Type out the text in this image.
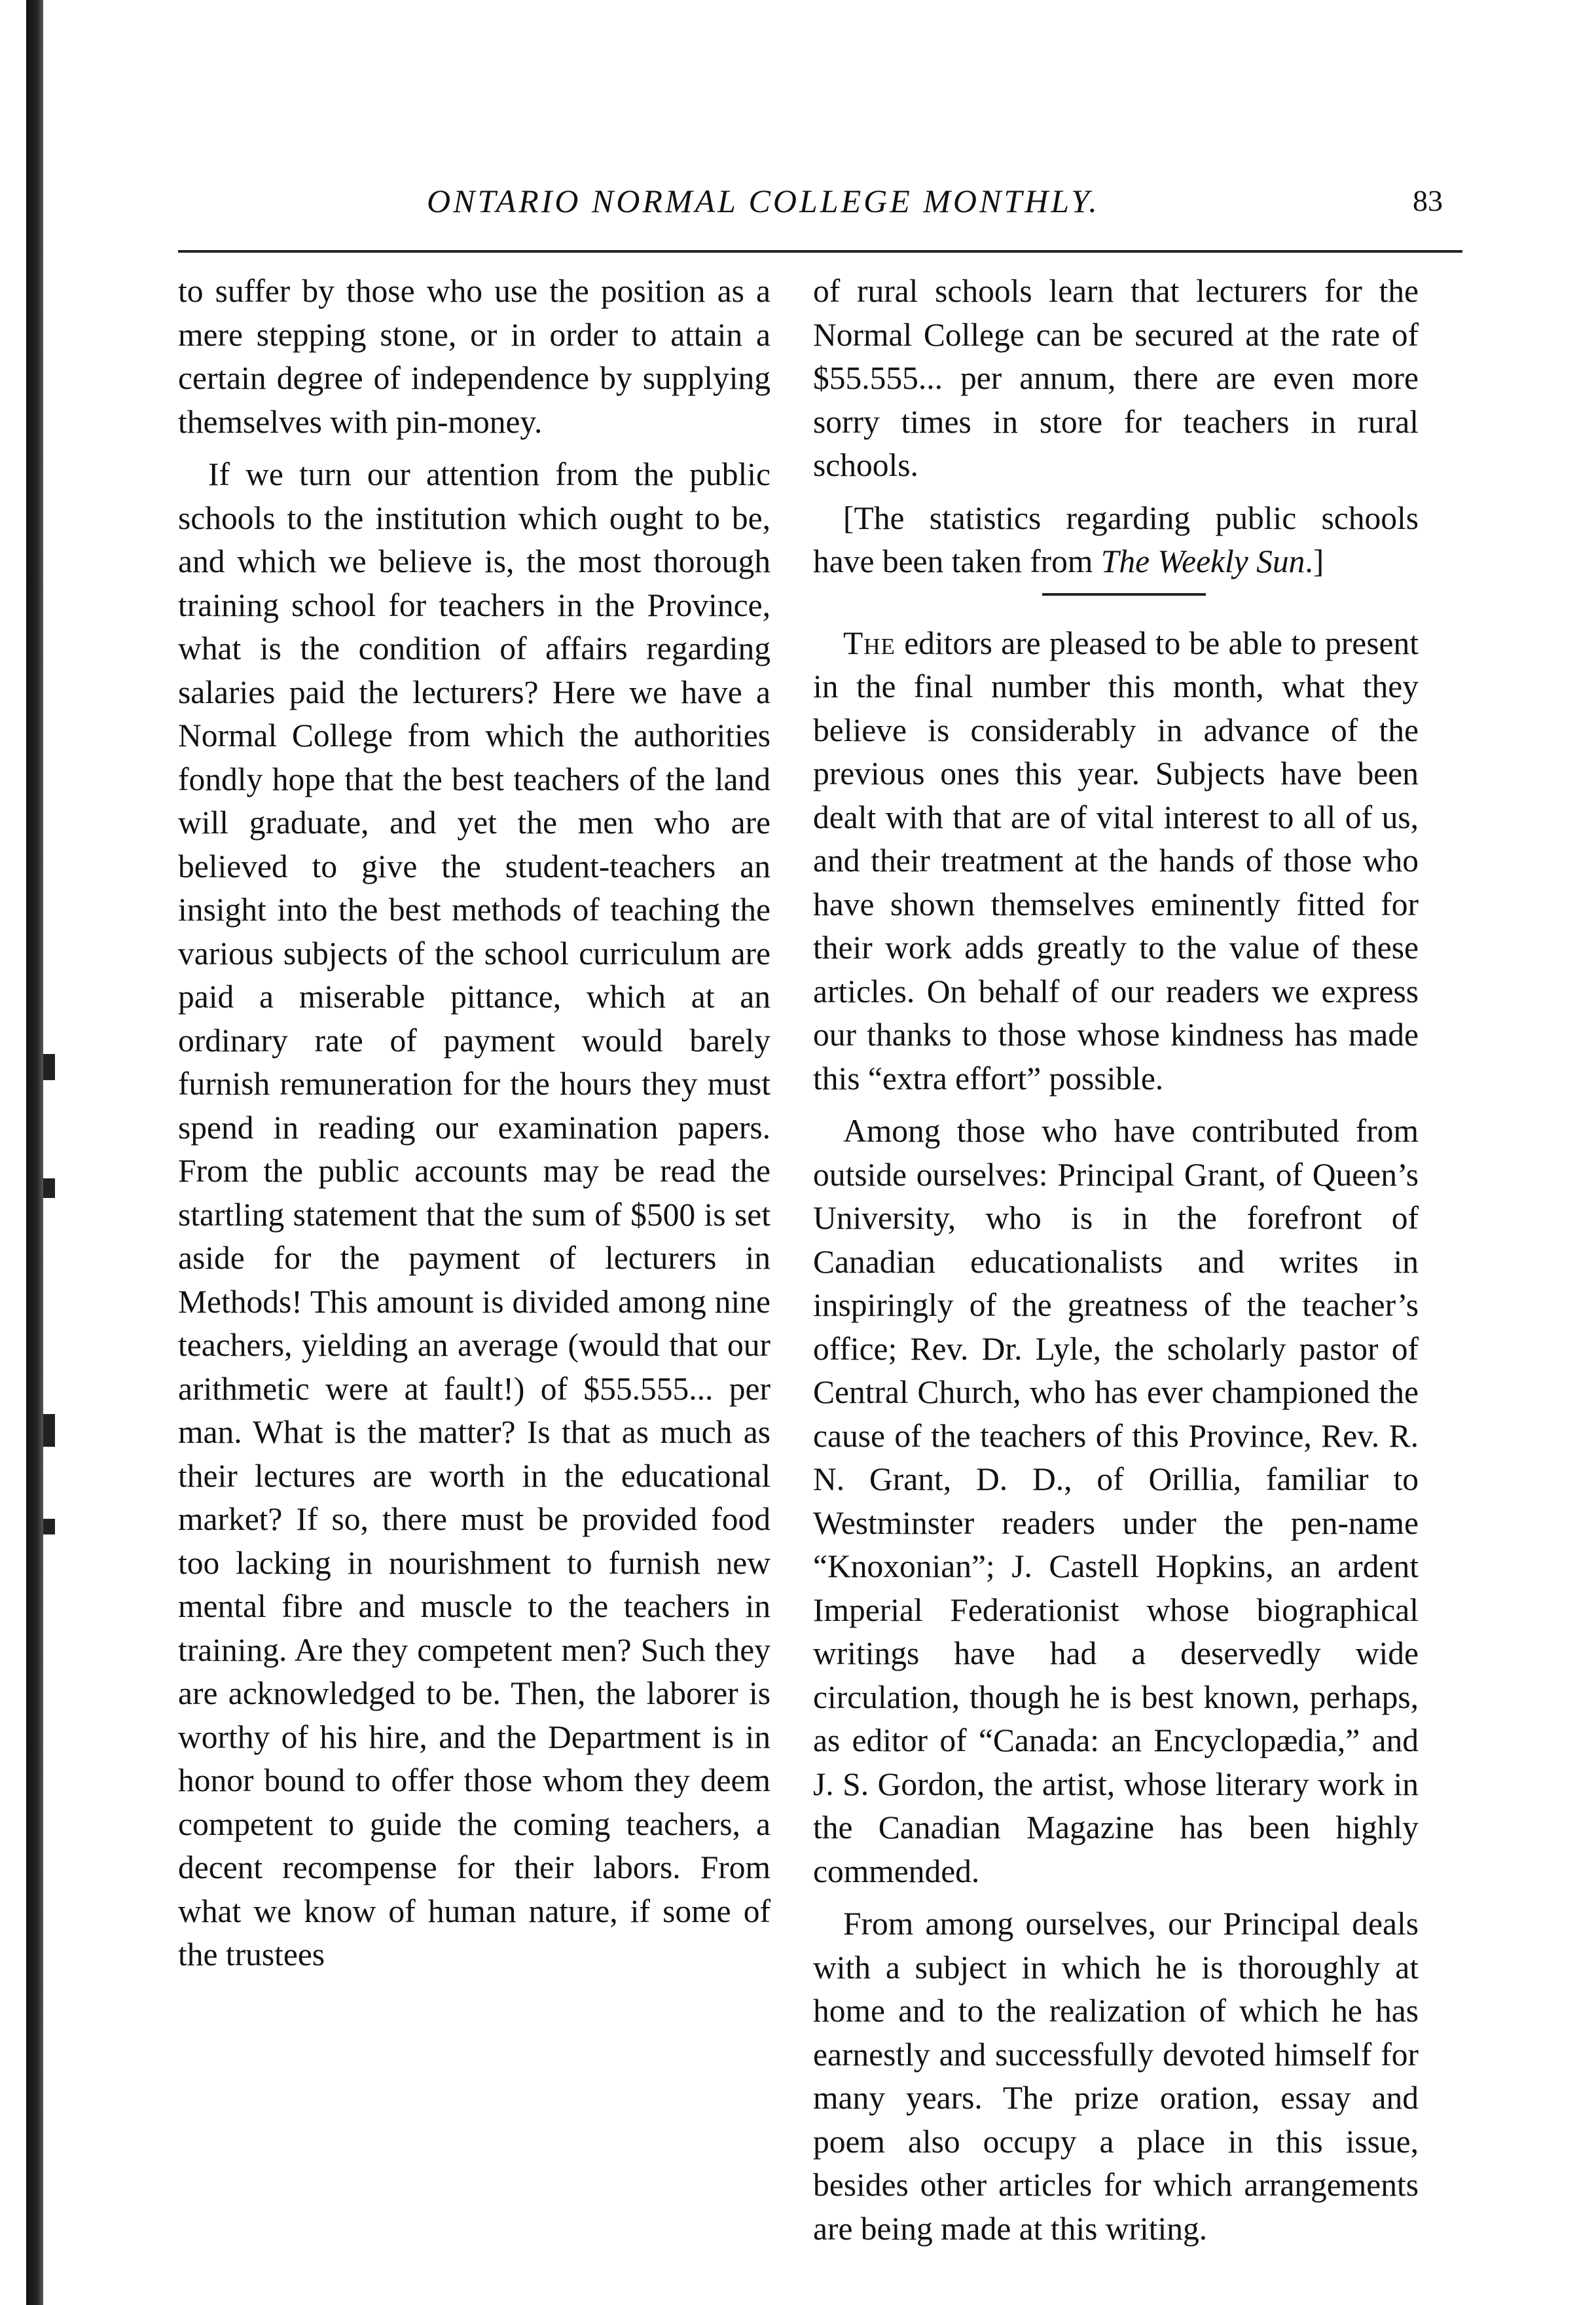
ONTARIO NORMAL COLLEGE MONTHLY.	83

to suffer by those who use the position as a mere stepping stone, or in order to attain a certain degree of independence by supplying themselves with pin-money.

If we turn our attention from the public schools to the institution which ought to be, and which we believe is, the most thorough training school for teachers in the Province, what is the condition of affairs regarding salaries paid the lecturers? Here we have a Normal College from which the authorities fondly hope that the best teachers of the land will graduate, and yet the men who are believed to give the student-teachers an insight into the best methods of teaching the various subjects of the school curriculum are paid a miserable pittance, which at an ordinary rate of payment would barely furnish remuneration for the hours they must spend in reading our examination papers. From the public accounts may be read the startling statement that the sum of $500 is set aside for the payment of lecturers in Methods! This amount is divided among nine teachers, yielding an average (would that our arithmetic were at fault!) of $55.555... per man. What is the matter? Is that as much as their lectures are worth in the educational market? If so, there must be provided food too lacking in nourishment to furnish new mental fibre and muscle to the teachers in training. Are they competent men? Such they are acknowledged to be. Then, the laborer is worthy of his hire, and the Department is in honor bound to offer those whom they deem competent to guide the coming teachers, a decent recompense for their labors. From what we know of human nature, if some of the trustees

of rural schools learn that lecturers for the Normal College can be secured at the rate of $55.555... per annum, there are even more sorry times in store for teachers in rural schools.

[The statistics regarding public schools have been taken from The Weekly Sun.]

The editors are pleased to be able to present in the final number this month, what they believe is considerably in advance of the previous ones this year. Subjects have been dealt with that are of vital interest to all of us, and their treatment at the hands of those who have shown themselves eminently fitted for their work adds greatly to the value of these articles. On behalf of our readers we express our thanks to those whose kindness has made this “extra effort” possible.

Among those who have contributed from outside ourselves: Principal Grant, of Queen’s University, who is in the forefront of Canadian educationalists and writes in inspiringly of the greatness of the teacher’s office; Rev. Dr. Lyle, the scholarly pastor of Central Church, who has ever championed the cause of the teachers of this Province, Rev. R. N. Grant, D. D., of Orillia, familiar to Westminster readers under the pen-name “Knoxonian”; J. Castell Hopkins, an ardent Imperial Federationist whose biographical writings have had a deservedly wide circulation, though he is best known, perhaps, as editor of “Canada: an Encyclopædia,” and J. S. Gordon, the artist, whose literary work in the Canadian Magazine has been highly commended.

From among ourselves, our Principal deals with a subject in which he is thoroughly at home and to the realization of which he has earnestly and successfully devoted himself for many years. The prize oration, essay and poem also occupy a place in this issue, besides other articles for which arrangements are being made at this writing.
